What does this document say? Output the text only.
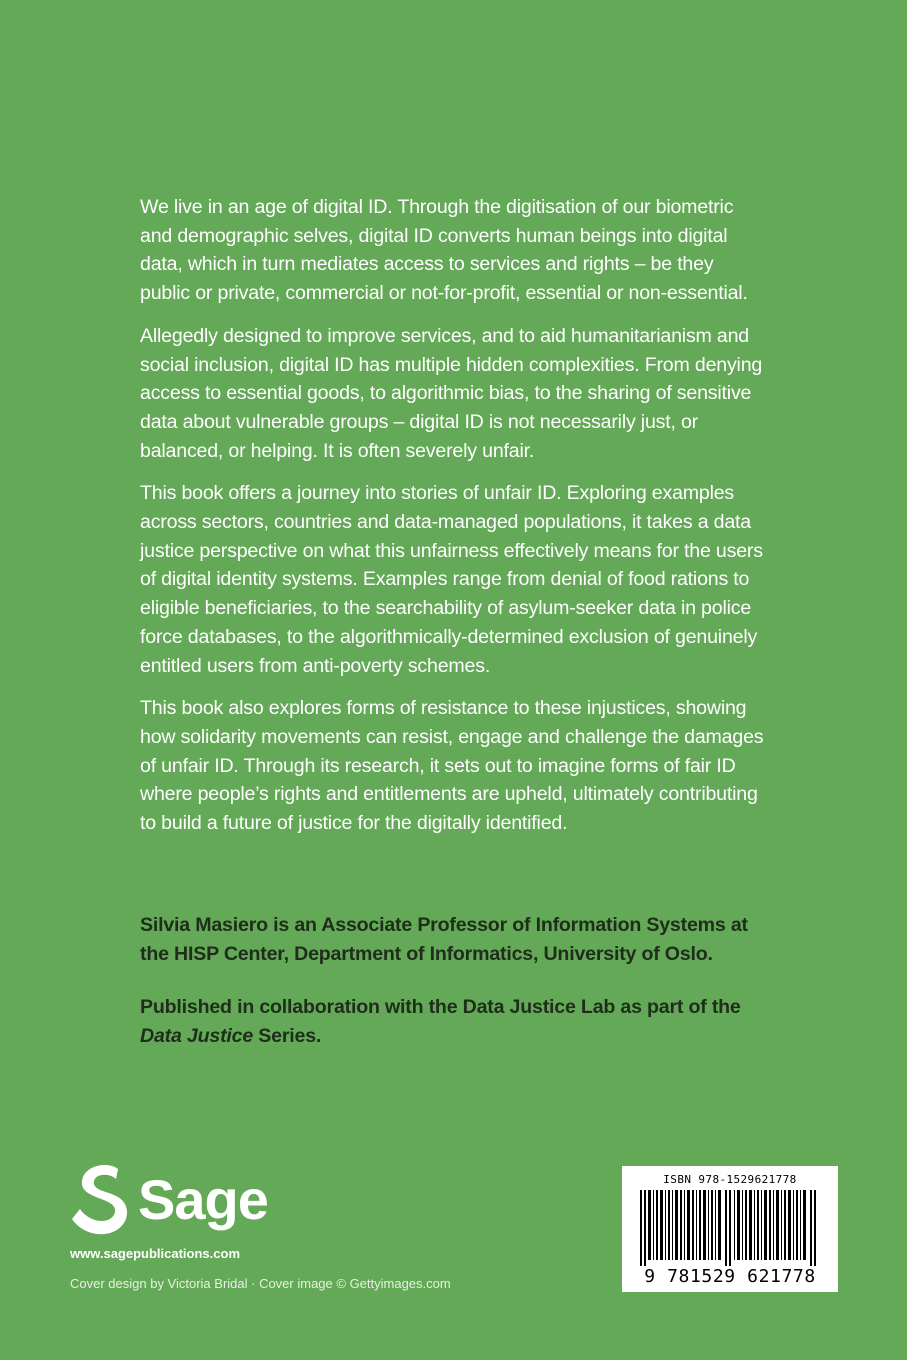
We live in an age of digital ID. Through the digitisation of our biometric and demographic selves, digital ID converts human beings into digital data, which in turn mediates access to services and rights – be they public or private, commercial or not-for-profit, essential or non-essential.

Allegedly designed to improve services, and to aid humanitarianism and social inclusion, digital ID has multiple hidden complexities. From denying access to essential goods, to algorithmic bias, to the sharing of sensitive data about vulnerable groups – digital ID is not necessarily just, or balanced, or helping. It is often severely unfair.

This book offers a journey into stories of unfair ID. Exploring examples across sectors, countries and data-managed populations, it takes a data justice perspective on what this unfairness effectively means for the users of digital identity systems. Examples range from denial of food rations to eligible beneficiaries, to the searchability of asylum-seeker data in police force databases, to the algorithmically-determined exclusion of genuinely entitled users from anti-poverty schemes.

This book also explores forms of resistance to these injustices, showing how solidarity movements can resist, engage and challenge the damages of unfair ID. Through its research, it sets out to imagine forms of fair ID where people’s rights and entitlements are upheld, ultimately contributing to build a future of justice for the digitally identified.

Silvia Masiero is an Associate Professor of Information Systems at the HISP Center, Department of Informatics, University of Oslo.
Published in collaboration with the Data Justice Lab as part of the Data Justice Series.
Sage
www.sagepublications.com
Cover design by Victoria Bridal · Cover image © Gettyimages.com
ISBN 978-1529621778
9 781529 621778
